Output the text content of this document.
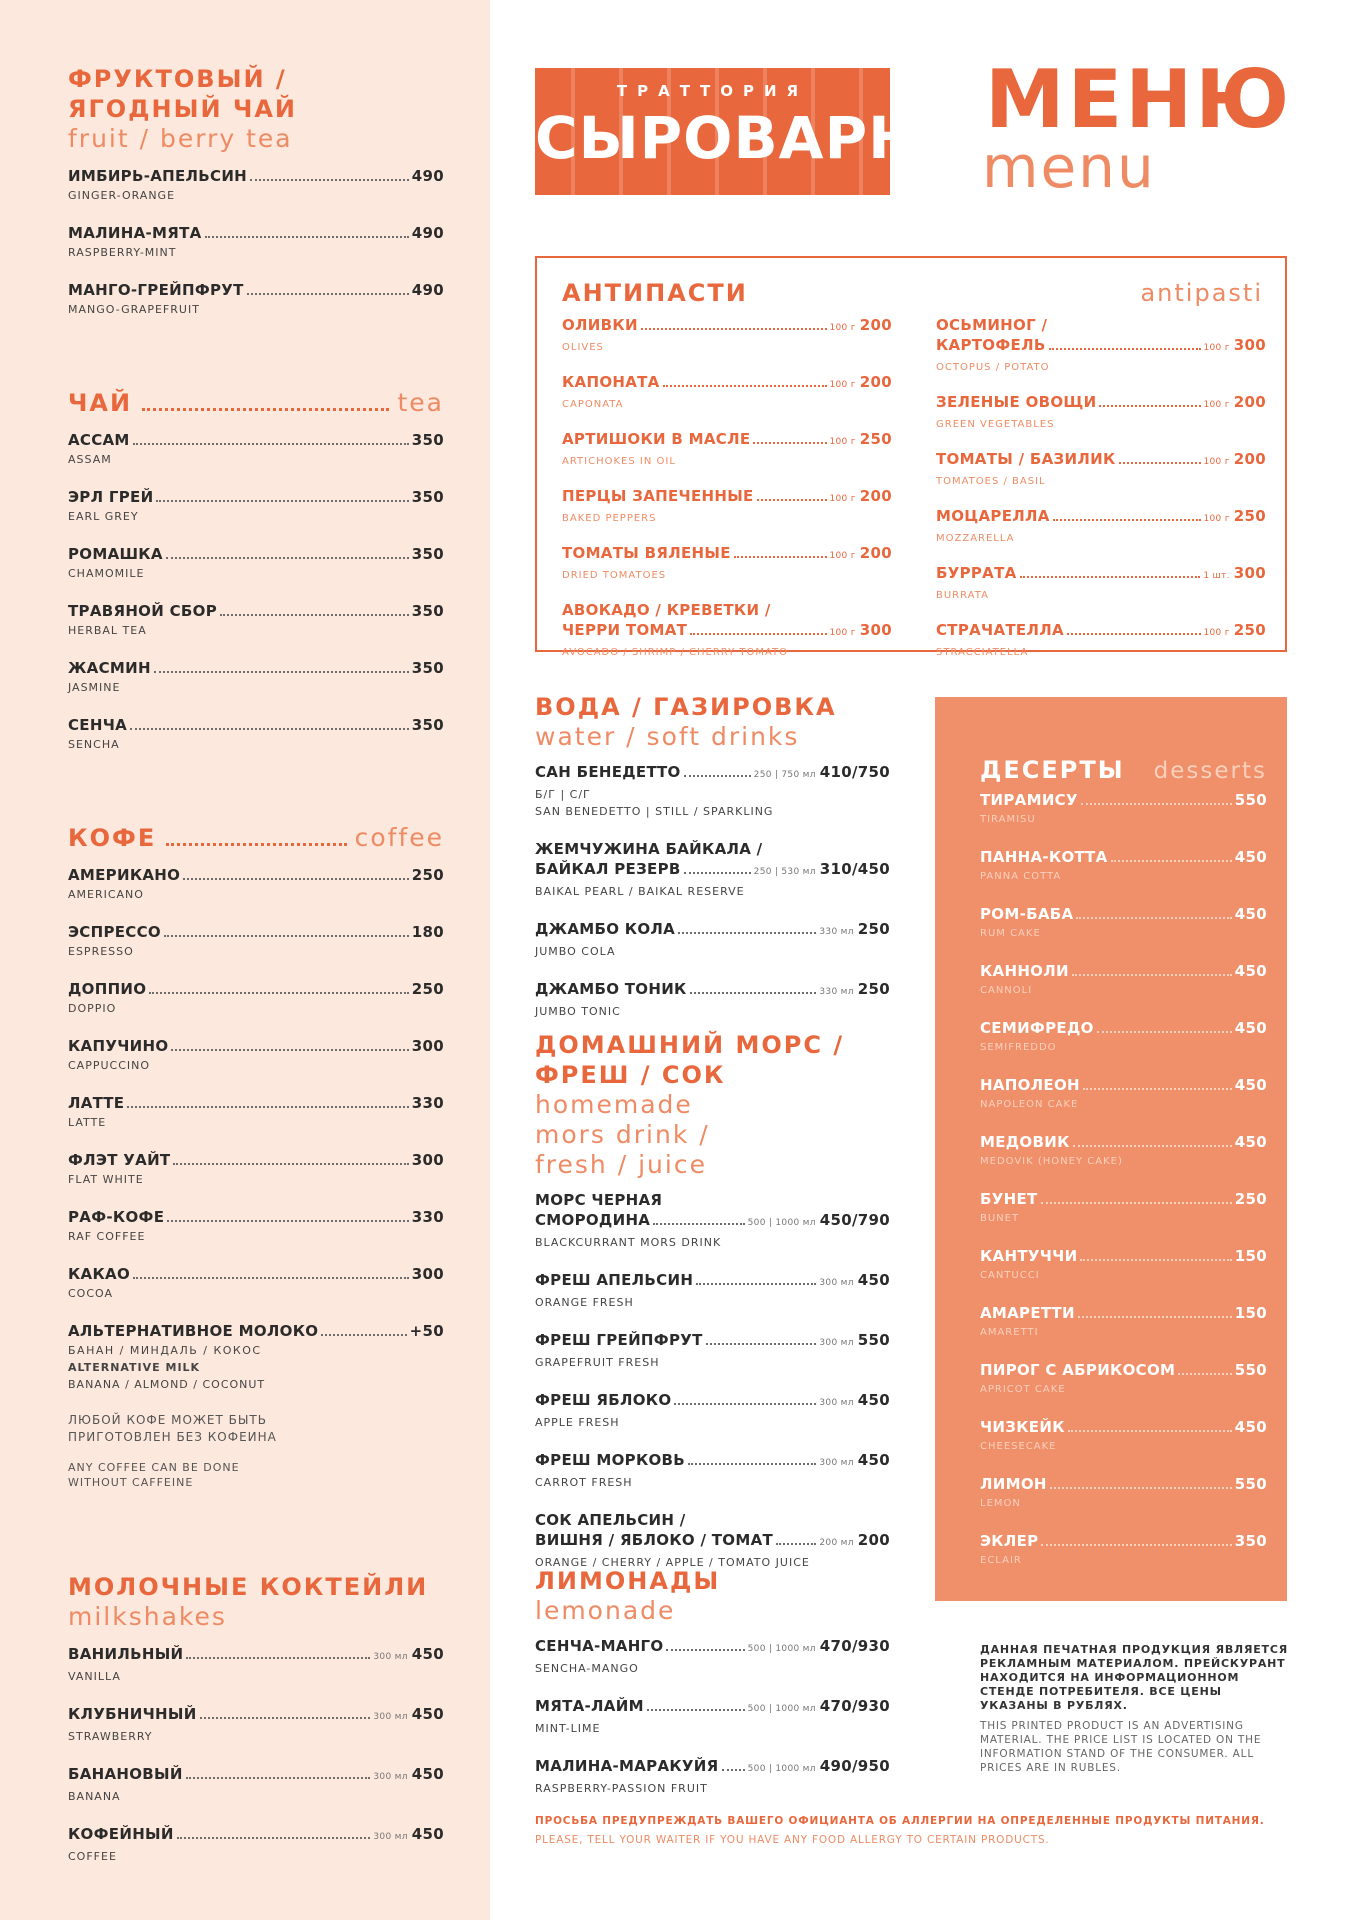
ФРУКТОВЫЙ /
ЯГОДНЫЙ ЧАЙ
fruit / berry tea
ИМБИРЬ-АПЕЛЬСИН	490
GINGER-ORANGE
МАЛИНА-МЯТА	490
RASPBERRY-MINT
МАНГО-ГРЕЙПФРУТ	490
MANGO-GRAPEFRUIT
ЧАЙ	tea
АССАМ	350
ASSAM
ЭРЛ ГРЕЙ	350
EARL GREY
РОМАШКА	350
CHAMOMILE
ТРАВЯНОЙ СБОР	350
HERBAL TEA
ЖАСМИН	350
JASMINE
СЕНЧА	350
SENCHA
КОФЕ	coffee
АМЕРИКАНО	250
AMERICANO
ЭСПРЕССО	180
ESPRESSO
ДОППИО	250
DOPPIO
КАПУЧИНО	300
CAPPUCCINO
ЛАТТЕ	330
LATTE
ФЛЭТ УАЙТ	300
FLAT WHITE
РАФ-КОФЕ	330
RAF COFFEE
КАКАО	300
COCOA
АЛЬТЕРНАТИВНОЕ МОЛОКО	+50
БАНАН / МИНДАЛЬ / КОКОС
ALTERNATIVE MILK
BANANA / ALMOND / COCONUT
ЛЮБОЙ КОФЕ МОЖЕТ БЫТЬ
ПРИГОТОВЛЕН БЕЗ КОФЕИНА
ANY COFFEE CAN BE DONE
WITHOUT CAFFEINE
МОЛОЧНЫЕ КОКТЕЙЛИ
milkshakes
ВАНИЛЬНЫЙ	300 мл 450
VANILLA
КЛУБНИЧНЫЙ	300 мл 450
STRAWBERRY
БАНАНОВЫЙ	300 мл 450
BANANA
КОФЕЙНЫЙ	300 мл 450
COFFEE
ТРАТТОРИЯ
СЫРОВАРНЯ МЕНЮ
menu
АНТИПАСТИ	antipasti
ОЛИВКИ	100 г 200
OLIVES
КАПОНАТА	100 г 200
CAPONATA
АРТИШОКИ В МАСЛЕ	100 г 250
ARTICHOKES IN OIL
ПЕРЦЫ ЗАПЕЧЕННЫЕ	100 г 200
BAKED PEPPERS
ТОМАТЫ ВЯЛЕНЫЕ	100 г 200
DRIED TOMATOES
АВОКАДО / КРЕВЕТКИ /
ЧЕРРИ ТОМАТ	100 г 300
AVOCADO / SHRIMP / CHERRY TOMATO
ОСЬМИНОГ /
КАРТОФЕЛЬ	100 г 300
OCTOPUS / POTATO
ЗЕЛЕНЫЕ ОВОЩИ	100 г 200
GREEN VEGETABLES
ТОМАТЫ / БАЗИЛИК	100 г 200
TOMATOES / BASIL
МОЦАРЕЛЛА	100 г 250
MOZZARELLA
БУРРАТА	1 шт. 300
BURRATA
СТРАЧАТЕЛЛА	100 г 250
STRACCIATELLA
ВОДА / ГАЗИРОВКА
water / soft drinks
САН БЕНЕДЕТТО	250 | 750 мл 410/750
Б/Г | С/Г
SAN BENEDETTO | STILL / SPARKLING
ЖЕМЧУЖИНА БАЙКАЛА /
БАЙКАЛ РЕЗЕРВ	250 | 530 мл 310/450
BAIKAL PEARL / BAIKAL RESERVE
ДЖАМБО КОЛА	330 мл 250
JUMBO COLA
ДЖАМБО ТОНИК	330 мл 250
JUMBO TONIC
ДОМАШНИЙ МОРС /
ФРЕШ / СОК
homemade
mors drink /
fresh / juice
МОРС ЧЕРНАЯ
СМОРОДИНА	500 | 1000 мл 450/790
BLACKCURRANT MORS DRINK
ФРЕШ АПЕЛЬСИН	300 мл 450
ORANGE FRESH
ФРЕШ ГРЕЙПФРУТ	300 мл 550
GRAPEFRUIT FRESH
ФРЕШ ЯБЛОКО	300 мл 450
APPLE FRESH
ФРЕШ МОРКОВЬ	300 мл 450
CARROT FRESH
СОК АПЕЛЬСИН /
ВИШНЯ / ЯБЛОКО / ТОМАТ	200 мл 200
ORANGE / CHERRY / APPLE / TOMATO JUICE
ЛИМОНАДЫ
lemonade
СЕНЧА-МАНГО	500 | 1000 мл 470/930
SENCHA-MANGO
МЯТА-ЛАЙМ	500 | 1000 мл 470/930
MINT-LIME
МАЛИНА-МАРАКУЙЯ	500 | 1000 мл 490/950
RASPBERRY-PASSION FRUIT
ДЕСЕРТЫ desserts
ТИРАМИСУ	550
TIRAMISU
ПАННА-КОТТА	450
PANNA COTTA
РОМ-БАБА	450
RUM CAKE
КАННОЛИ	450
CANNOLI
СЕМИФРЕДО	450
SEMIFREDDO
НАПОЛЕОН	450
NAPOLEON CAKE
МЕДОВИК	450
MEDOVIK (HONEY CAKE)
БУНЕТ	250
BUNET
КАНТУЧЧИ	150
CANTUCCI
АМАРЕТТИ	150
AMARETTI
ПИРОГ С АБРИКОСОМ	550
APRICOT CAKE
ЧИЗКЕЙК	450
CHEESECAKE
ЛИМОН	550
LEMON
ЭКЛЕР	350
ECLAIR
ДАННАЯ ПЕЧАТНАЯ ПРОДУКЦИЯ ЯВЛЯЕТСЯ РЕКЛАМНЫМ МАТЕРИАЛОМ. ПРЕЙСКУРАНТ НАХОДИТСЯ НА ИНФОРМАЦИОННОМ СТЕНДЕ ПОТРЕБИТЕЛЯ. ВСЕ ЦЕНЫ УКАЗАНЫ В РУБЛЯХ.
THIS PRINTED PRODUCT IS AN ADVERTISING MATERIAL. THE PRICE LIST IS LOCATED ON THE INFORMATION STAND OF THE CONSUMER. ALL PRICES ARE IN RUBLES.
ПРОСЬБА ПРЕДУПРЕЖДАТЬ ВАШЕГО ОФИЦИАНТА ОБ АЛЛЕРГИИ НА ОПРЕДЕЛЕННЫЕ ПРОДУКТЫ ПИТАНИЯ.
PLEASE, TELL YOUR WAITER IF YOU HAVE ANY FOOD ALLERGY TO CERTAIN PRODUCTS.
